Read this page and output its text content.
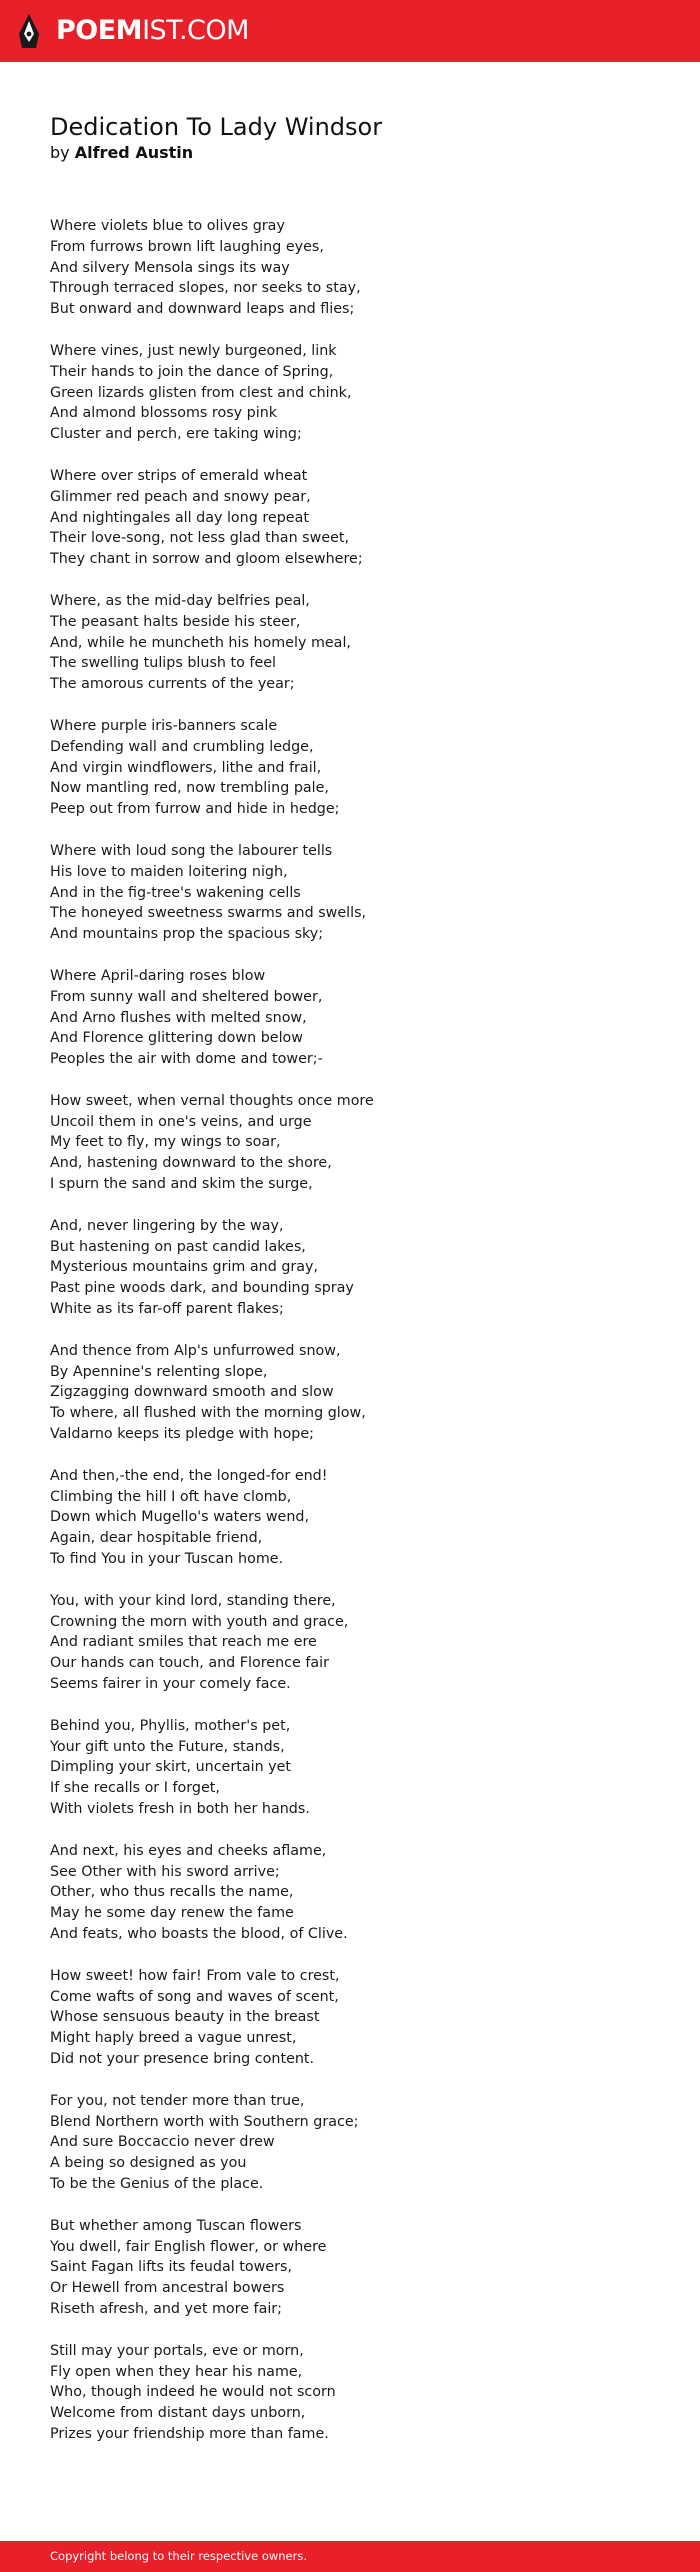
POEMIST.COM
Dedication To Lady Windsor
by Alfred Austin
Where violets blue to olives gray
From furrows brown lift laughing eyes,
And silvery Mensola sings its way
Through terraced slopes, nor seeks to stay,
But onward and downward leaps and flies;
Where vines, just newly burgeoned, link
Their hands to join the dance of Spring,
Green lizards glisten from clest and chink,
And almond blossoms rosy pink
Cluster and perch, ere taking wing;
Where over strips of emerald wheat
Glimmer red peach and snowy pear,
And nightingales all day long repeat
Their love-song, not less glad than sweet,
They chant in sorrow and gloom elsewhere;
Where, as the mid-day belfries peal,
The peasant halts beside his steer,
And, while he muncheth his homely meal,
The swelling tulips blush to feel
The amorous currents of the year;
Where purple iris-banners scale
Defending wall and crumbling ledge,
And virgin windflowers, lithe and frail,
Now mantling red, now trembling pale,
Peep out from furrow and hide in hedge;
Where with loud song the labourer tells
His love to maiden loitering nigh,
And in the fig-tree's wakening cells
The honeyed sweetness swarms and swells,
And mountains prop the spacious sky;
Where April-daring roses blow
From sunny wall and sheltered bower,
And Arno flushes with melted snow,
And Florence glittering down below
Peoples the air with dome and tower;-
How sweet, when vernal thoughts once more
Uncoil them in one's veins, and urge
My feet to fly, my wings to soar,
And, hastening downward to the shore,
I spurn the sand and skim the surge,
And, never lingering by the way,
But hastening on past candid lakes,
Mysterious mountains grim and gray,
Past pine woods dark, and bounding spray
White as its far-off parent flakes;
And thence from Alp's unfurrowed snow,
By Apennine's relenting slope,
Zigzagging downward smooth and slow
To where, all flushed with the morning glow,
Valdarno keeps its pledge with hope;
And then,-the end, the longed-for end!
Climbing the hill I oft have clomb,
Down which Mugello's waters wend,
Again, dear hospitable friend,
To find You in your Tuscan home.
You, with your kind lord, standing there,
Crowning the morn with youth and grace,
And radiant smiles that reach me ere
Our hands can touch, and Florence fair
Seems fairer in your comely face.
Behind you, Phyllis, mother's pet,
Your gift unto the Future, stands,
Dimpling your skirt, uncertain yet
If she recalls or I forget,
With violets fresh in both her hands.
And next, his eyes and cheeks aflame,
See Other with his sword arrive;
Other, who thus recalls the name,
May he some day renew the fame
And feats, who boasts the blood, of Clive.
How sweet! how fair! From vale to crest,
Come wafts of song and waves of scent,
Whose sensuous beauty in the breast
Might haply breed a vague unrest,
Did not your presence bring content.
For you, not tender more than true,
Blend Northern worth with Southern grace;
And sure Boccaccio never drew
A being so designed as you
To be the Genius of the place.
But whether among Tuscan flowers
You dwell, fair English flower, or where
Saint Fagan lifts its feudal towers,
Or Hewell from ancestral bowers
Riseth afresh, and yet more fair;
Still may your portals, eve or morn,
Fly open when they hear his name,
Who, though indeed he would not scorn
Welcome from distant days unborn,
Prizes your friendship more than fame.
Copyright belong to their respective owners.
